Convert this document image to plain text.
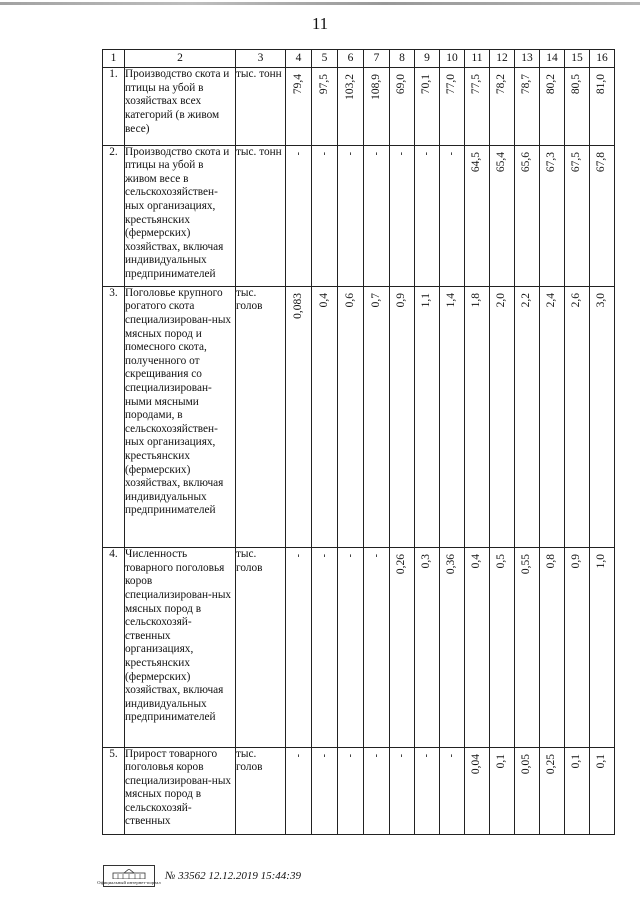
11
1	2	3	4	5	6	7	8	9	10	11	12	13	14	15	16
1.	Производство скота и птицы на убой в хозяйствах всех категорий (в живом весе)	тыс. тонн	79,4	97,5	103,2	108,9	69,0	70,1	77,0	77,5	78,2	78,7	80,2	80,5	81,0

2.	Производство скота и птицы на убой в живом весе в сельскохозяйствен-ных организациях, крестьянских (фермерских) хозяйствах, включая индивидуальных предпринимателей	тыс. тонн	-	-	-	-	-	-	-	64,5	65,4	65,6	67,3	67,5	67,8

3.	Поголовье крупного рогатого скота специализирован-ных мясных пород и помесного скота, полученного от скрещивания со специализирован-ными мясными породами, в сельскохозяйствен-ных организациях, крестьянских (фермерских) хозяйствах, включая индивидуальных предпринимателей	тыс. голов	0,083	0,4	0,6	0,7	0,9	1,1	1,4	1,8	2,0	2,2	2,4	2,6	3,0

4.	Численность товарного поголовья коров специализирован-ных мясных пород в сельскохозяй-ственных организациях, крестьянских (фермерских) хозяйствах, включая индивидуальных предпринимателей	тыс. голов	-	-	-	-	0,26	0,3	0,36	0,4	0,5	0,55	0,8	0,9	1,0

5.	Прирост товарного поголовья коров специализирован-ных мясных пород в сельскохозяй-ственных	тыс. голов	-	-	-	-	-	-	-	0,04	0,1	0,05	0,25	0,1	0,1
Официальный интернет-портал
№ 33562 12.12.2019 15:44:39
